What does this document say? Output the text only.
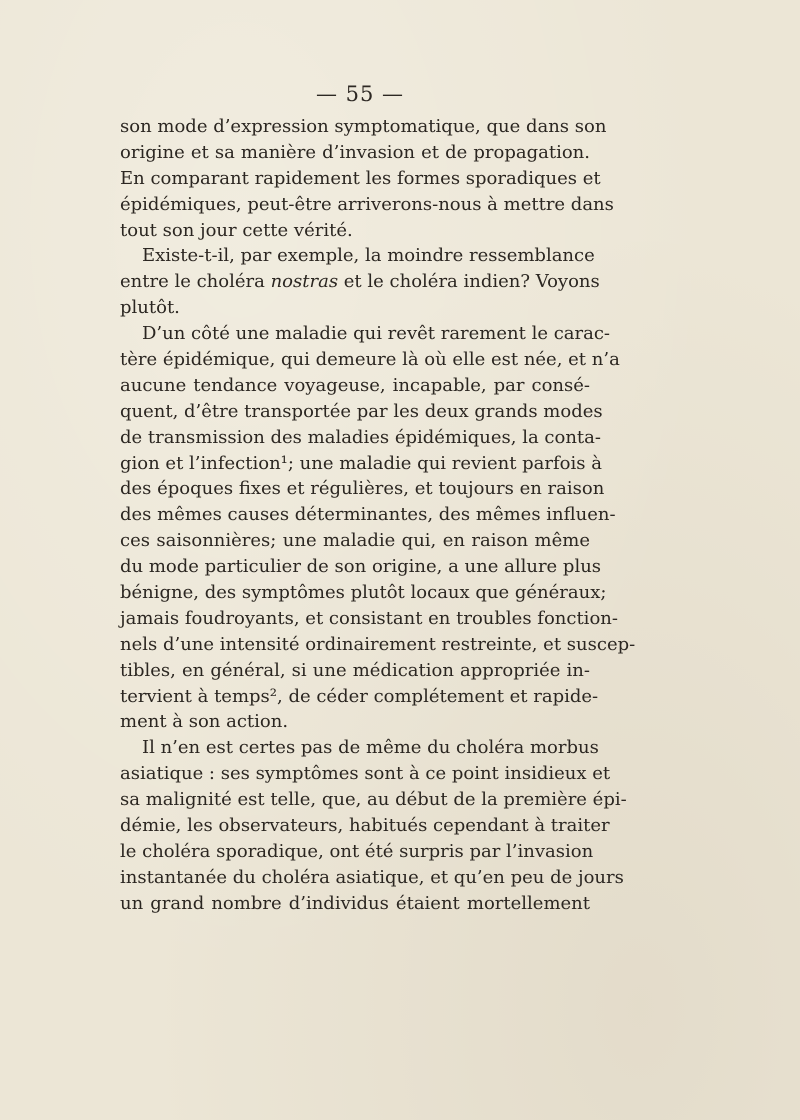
— 55 —
son mode d’expression symptomatique, que dans son
origine et sa manière d’invasion et de propagation.
En comparant rapidement les formes sporadiques et
épidémiques, peut-être arriverons-nous à mettre dans
tout son jour cette vérité.
Existe-t-il, par exemple, la moindre ressemblance
entre le choléra nostras et le choléra indien? Voyons
plutôt.
D’un côté une maladie qui revêt rarement le carac-
tère épidémique, qui demeure là où elle est née, et n’a
aucune tendance voyageuse, incapable, par consé-
quent, d’être transportée par les deux grands modes
de transmission des maladies épidémiques, la conta-
gion et l’infection¹; une maladie qui revient parfois à
des époques fixes et régulières, et toujours en raison
des mêmes causes déterminantes, des mêmes influen-
ces saisonnières; une maladie qui, en raison même
du mode particulier de son origine, a une allure plus
bénigne, des symptômes plutôt locaux que généraux;
jamais foudroyants, et consistant en troubles fonction-
nels d’une intensité ordinairement restreinte, et suscep-
tibles, en général, si une médication appropriée in-
tervient à temps², de céder complétement et rapide-
ment à son action.
Il n’en est certes pas de même du choléra morbus
asiatique : ses symptômes sont à ce point insidieux et
sa malignité est telle, que, au début de la première épi-
démie, les observateurs, habitués cependant à traiter
le choléra sporadique, ont été surpris par l’invasion
instantanée du choléra asiatique, et qu’en peu de jours
un grand nombre d’individus étaient mortellement
